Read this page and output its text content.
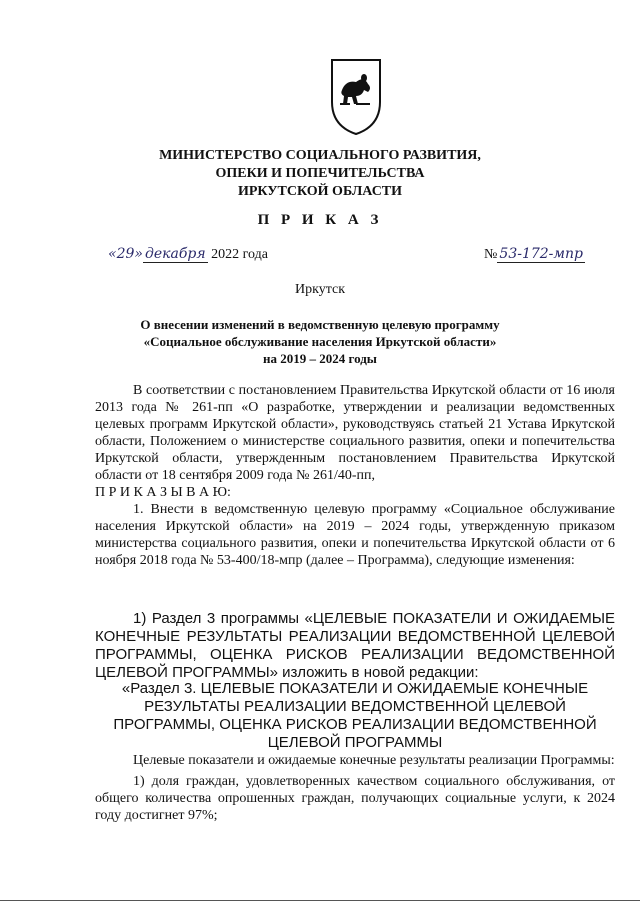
МИНИСТЕРСТВО СОЦИАЛЬНОГО РАЗВИТИЯ,
ОПЕКИ И ПОПЕЧИТЕЛЬСТВА
ИРКУТСКОЙ ОБЛАСТИ
П Р И К А З
«29» декабря 2022 года	№ 53-172-мпр
Иркутск
О внесении изменений в ведомственную целевую программу
«Социальное обслуживание населения Иркутской области»
на 2019 – 2024 годы
В соответствии с постановлением Правительства Иркутской области от 16 июля 2013 года № 261-пп «О разработке, утверждении и реализации ведомственных целевых программ Иркутской области», руководствуясь статьей 21 Устава Иркутской области, Положением о министерстве социального развития, опеки и попечительства Иркутской области, утвержденным постановлением Правительства Иркутской области от 18 сентября 2009 года № 261/40-пп,
П Р И К А З Ы В А Ю:
1. Внести в ведомственную целевую программу «Социальное обслуживание населения Иркутской области» на 2019 – 2024 годы, утвержденную приказом министерства социального развития, опеки и попечительства Иркутской области от 6 ноября 2018 года № 53-400/18-мпр (далее – Программа), следующие изменения:
1) Раздел 3 программы «ЦЕЛЕВЫЕ ПОКАЗАТЕЛИ И ОЖИДАЕМЫЕ КОНЕЧНЫЕ РЕЗУЛЬТАТЫ РЕАЛИЗАЦИИ ВЕДОМСТВЕННОЙ ЦЕЛЕВОЙ ПРОГРАММЫ, ОЦЕНКА РИСКОВ РЕАЛИЗАЦИИ ВЕДОМСТВЕННОЙ ЦЕЛЕВОЙ ПРОГРАММЫ» изложить в новой редакции:
«Раздел 3. ЦЕЛЕВЫЕ ПОКАЗАТЕЛИ И ОЖИДАЕМЫЕ КОНЕЧНЫЕ
РЕЗУЛЬТАТЫ РЕАЛИЗАЦИИ ВЕДОМСТВЕННОЙ ЦЕЛЕВОЙ
ПРОГРАММЫ, ОЦЕНКА РИСКОВ РЕАЛИЗАЦИИ ВЕДОМСТВЕННОЙ
ЦЕЛЕВОЙ ПРОГРАММЫ
Целевые показатели и ожидаемые конечные результаты реализации Программы:
1) доля граждан, удовлетворенных качеством социального обслуживания, от общего количества опрошенных граждан, получающих социальные услуги, к 2024 году достигнет 97%;
